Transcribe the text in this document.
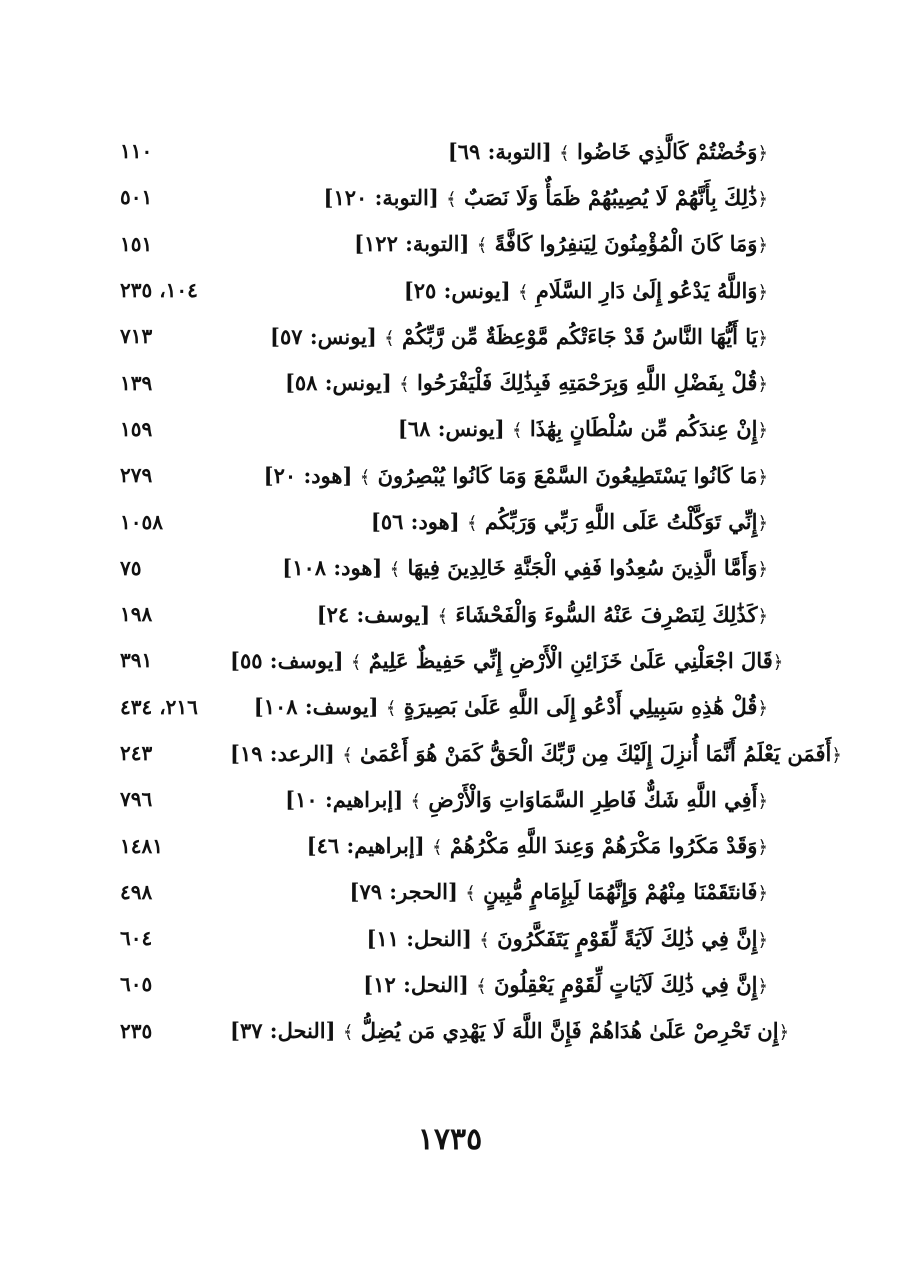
١١٠	﴿وَخُضْتُمْ كَالَّذِي خَاضُوا ﴾ [التوبة: ٦٩]
٥٠١	﴿ذَٰلِكَ بِأَنَّهُمْ لَا يُصِيبُهُمْ ظَمَأٌ وَلَا نَصَبٌ ﴾ [التوبة: ١٢٠]
١٥١	﴿وَمَا كَانَ الْمُؤْمِنُونَ لِيَنفِرُوا كَافَّةً ﴾ [التوبة: ١٢٢]
١٠٤، ٢٣٥	﴿وَاللَّهُ يَدْعُو إِلَىٰ دَارِ السَّلَامِ ﴾ [يونس: ٢٥]
٧١٣	﴿يَا أَيُّهَا النَّاسُ قَدْ جَاءَتْكُم مَّوْعِظَةٌ مِّن رَّبِّكُمْ ﴾ [يونس: ٥٧]
١٣٩	﴿قُلْ بِفَضْلِ اللَّهِ وَبِرَحْمَتِهِ فَبِذَٰلِكَ فَلْيَفْرَحُوا ﴾ [يونس: ٥٨]
١٥٩	﴿إِنْ عِندَكُم مِّن سُلْطَانٍ بِهَٰذَا ﴾ [يونس: ٦٨]
٢٧٩	﴿مَا كَانُوا يَسْتَطِيعُونَ السَّمْعَ وَمَا كَانُوا يُبْصِرُونَ ﴾ [هود: ٢٠]
١٠٥٨	﴿إِنِّي تَوَكَّلْتُ عَلَى اللَّهِ رَبِّي وَرَبِّكُم ﴾ [هود: ٥٦]
٧٥	﴿وَأَمَّا الَّذِينَ سُعِدُوا فَفِي الْجَنَّةِ خَالِدِينَ فِيهَا ﴾ [هود: ١٠٨]
١٩٨	﴿كَذَٰلِكَ لِنَصْرِفَ عَنْهُ السُّوءَ وَالْفَحْشَاءَ ﴾ [يوسف: ٢٤]
٣٩١	﴿قَالَ اجْعَلْنِي عَلَىٰ خَزَائِنِ الْأَرْضِ إِنِّي حَفِيظٌ عَلِيمٌ ﴾ [يوسف: ٥٥]
٢١٦، ٤٣٤	﴿قُلْ هَٰذِهِ سَبِيلِي أَدْعُو إِلَى اللَّهِ عَلَىٰ بَصِيرَةٍ ﴾ [يوسف: ١٠٨]
٢٤٣	﴿أَفَمَن يَعْلَمُ أَنَّمَا أُنزِلَ إِلَيْكَ مِن رَّبِّكَ الْحَقُّ كَمَنْ هُوَ أَعْمَىٰ ﴾ [الرعد: ١٩]
٧٩٦	﴿أَفِي اللَّهِ شَكٌّ فَاطِرِ السَّمَاوَاتِ وَالْأَرْضِ ﴾ [إبراهيم: ١٠]
١٤٨١	﴿وَقَدْ مَكَرُوا مَكْرَهُمْ وَعِندَ اللَّهِ مَكْرُهُمْ ﴾ [إبراهيم: ٤٦]
٤٩٨	﴿فَانتَقَمْنَا مِنْهُمْ وَإِنَّهُمَا لَبِإِمَامٍ مُّبِينٍ ﴾ [الحجر: ٧٩]
٦٠٤	﴿إِنَّ فِي ذَٰلِكَ لَآيَةً لِّقَوْمٍ يَتَفَكَّرُونَ ﴾ [النحل: ١١]
٦٠٥	﴿إِنَّ فِي ذَٰلِكَ لَآيَاتٍ لِّقَوْمٍ يَعْقِلُونَ ﴾ [النحل: ١٢]
٢٣٥	﴿إِن تَحْرِصْ عَلَىٰ هُدَاهُمْ فَإِنَّ اللَّهَ لَا يَهْدِي مَن يُضِلُّ ﴾ [النحل: ٣٧]
١٧٣٥
